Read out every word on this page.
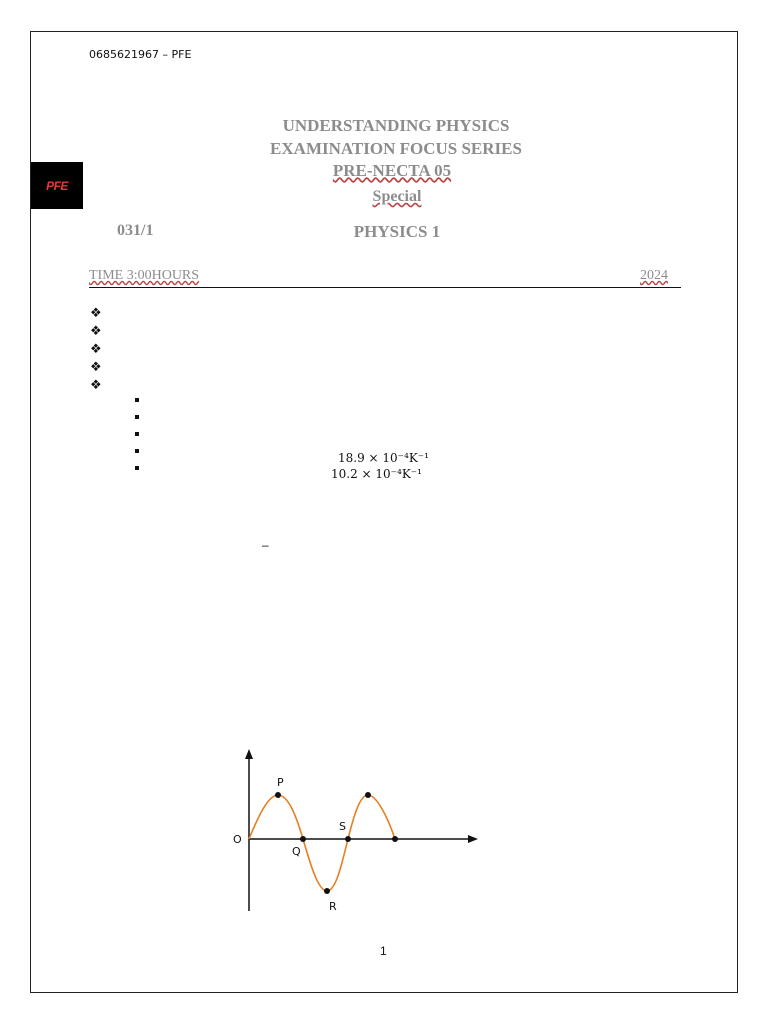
0685621967 – PFE
PFE
UNDERSTANDING PHYSICS
EXAMINATION FOCUS SERIES
PRE-NECTA 05
Special
PHYSICS 1
031/1
TIME 3:00HOURS	2024
❖
❖
❖
❖
❖
18.9 × 10⁻⁴K⁻¹
10.2 × 10⁻⁴K⁻¹
–
O
P
Q
R
S
1
